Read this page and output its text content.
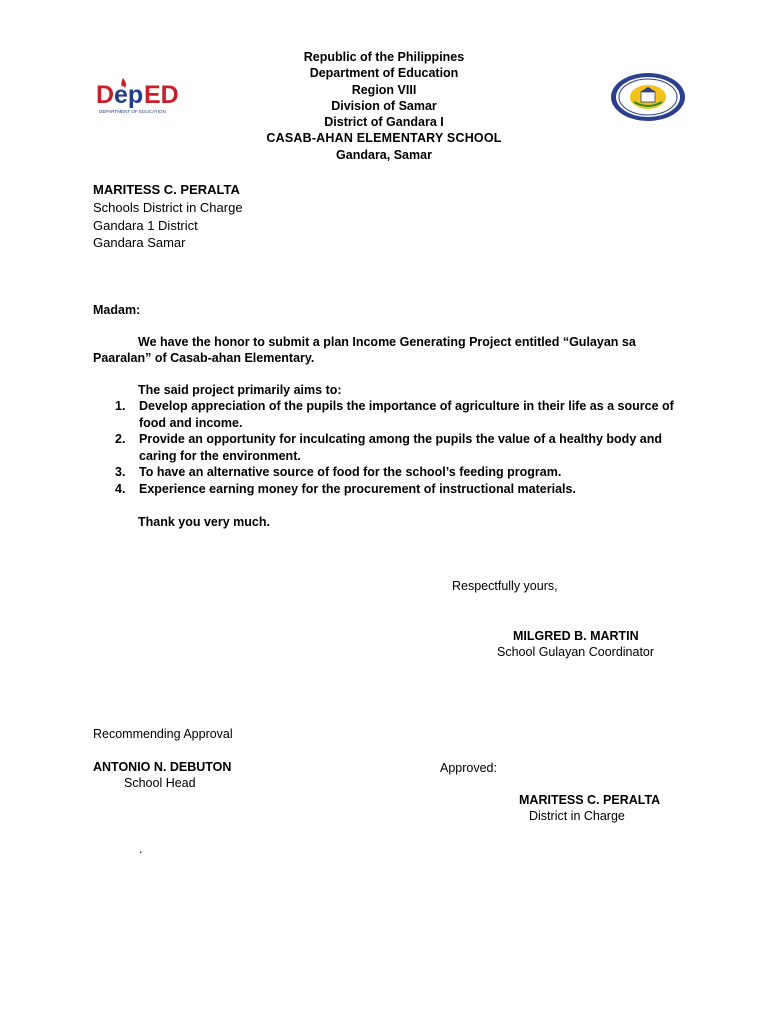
D ep ED
DEPARTMENT OF EDUCATION
Republic of the Philippines
Department of Education
Region VIII
Division of Samar
District of Gandara I
CASAB-AHAN ELEMENTARY SCHOOL
Gandara, Samar
MARITESS C. PERALTA
Schools District in Charge
Gandara 1 District
Gandara Samar
Madam:
We have the honor to submit a plan Income Generating Project entitled “Gulayan sa
Paaralan” of Casab-ahan Elementary.
The said project primarily aims to:
1. Develop appreciation of the pupils the importance of agriculture in their life as a source of
food and income.
2. Provide an opportunity for inculcating among the pupils the value of a healthy body and
caring for the environment.
3. To have an alternative source of food for the school’s feeding program.
4. Experience earning money for the procurement of instructional materials.
Thank you very much.
Respectfully yours,
MILGRED B. MARTIN
School Gulayan Coordinator
Recommending Approval
ANTONIO N. DEBUTON
School Head
Approved:
MARITESS C. PERALTA
District in Charge
.
